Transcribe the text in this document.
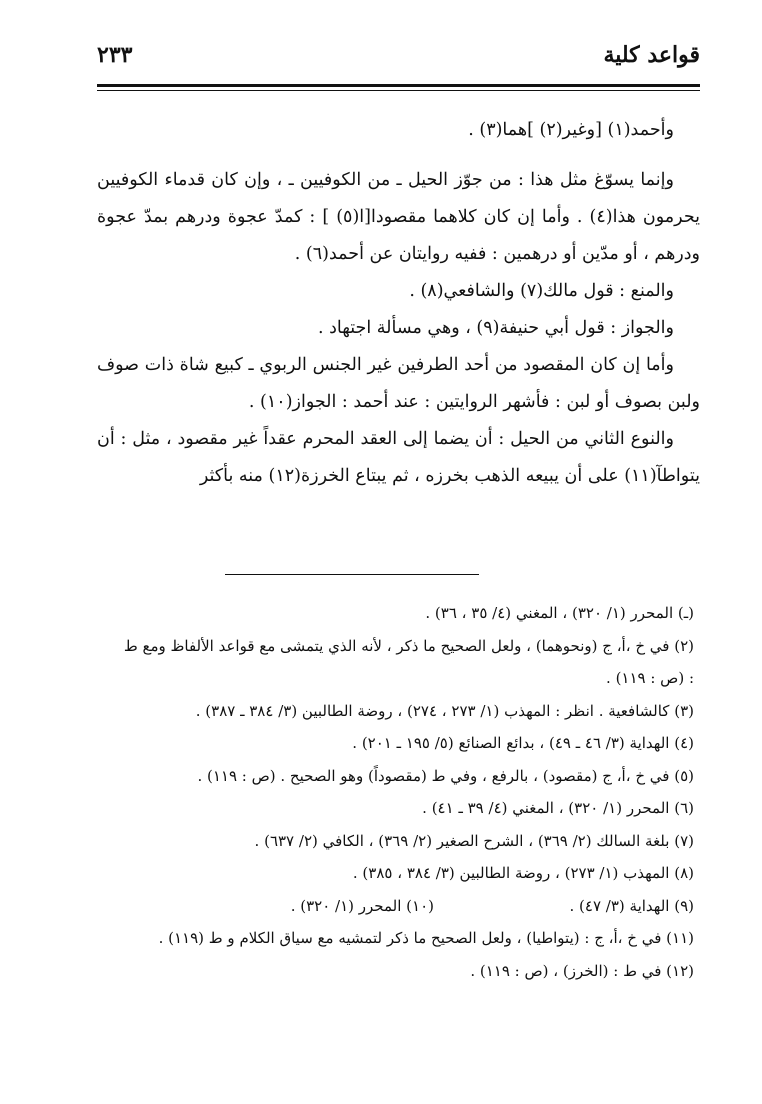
قواعد كلية
٢٣٣

وأحمد(١) [وغير(٢) ]هما(٣) .

وإنما يسوّغ مثل هذا : من جوّز الحيل ـ من الكوفيين ـ ، وإن كان قدماء الكوفيين يحرمون هذا(٤) . وأما إن كان كلاهما مقصودا[ا(٥) ] : كمدّ عجوة ودرهم بمدّ عجوة ودرهم ، أو مدّين أو درهمين : ففيه روايتان عن أحمد(٦) .

والمنع : قول مالك(٧) والشافعي(٨) .

والجواز : قول أبي حنيفة(٩) ، وهي مسألة اجتهاد .

وأما إن كان المقصود من أحد الطرفين غير الجنس الربوي ـ كبيع شاة ذات صوف ولبن بصوف أو لبن : فأشهر الروايتين : عند أحمد : الجواز(١٠) .

والنوع الثاني من الحيل : أن يضما إلى العقد المحرم عقداً غير مقصود ، مثل : أن يتواطآ(١١) على أن يبيعه الذهب بخرزه ، ثم يبتاع الخرزة(١٢) منه بأكثر

(ـ) المحرر (١/ ٣٢٠) ، المغني (٤/ ٣٥ ، ٣٦) .

(٢) في خ ،أ، ج (ونحوهما) ، ولعل الصحيح ما ذكر ، لأنه الذي يتمشى مع قواعد الألفاظ ومع ط : (ص : ١١٩) .

(٣) كالشافعية . انظر : المهذب (١/ ٢٧٣ ، ٢٧٤) ، روضة الطالبين (٣/ ٣٨٤ ـ ٣٨٧) .

(٤) الهداية (٣/ ٤٦ ـ ٤٩) ، بدائع الصنائع (٥/ ١٩٥ ـ ٢٠١) .

(٥) في خ ،أ، ج (مقصود) ، بالرفع ، وفي ط (مقصوداً) وهو الصحيح . (ص : ١١٩) .

(٦) المحرر (١/ ٣٢٠) ، المغني (٤/ ٣٩ ـ ٤١) .

(٧) بلغة السالك (٢/ ٣٦٩) ، الشرح الصغير (٢/ ٣٦٩) ، الكافي (٢/ ٦٣٧) .

(٨) المهذب (١/ ٢٧٣) ، روضة الطالبين (٣/ ٣٨٤ ، ٣٨٥) .

(٩) الهداية (٣/ ٤٧) .
(١٠) المحرر (١/ ٣٢٠) .

(١١) في خ ،أ، ج : (يتواطيا) ، ولعل الصحيح ما ذكر لتمشيه مع سياق الكلام و ط (١١٩) .

(١٢) في ط : (الخرز) ، (ص : ١١٩) .
